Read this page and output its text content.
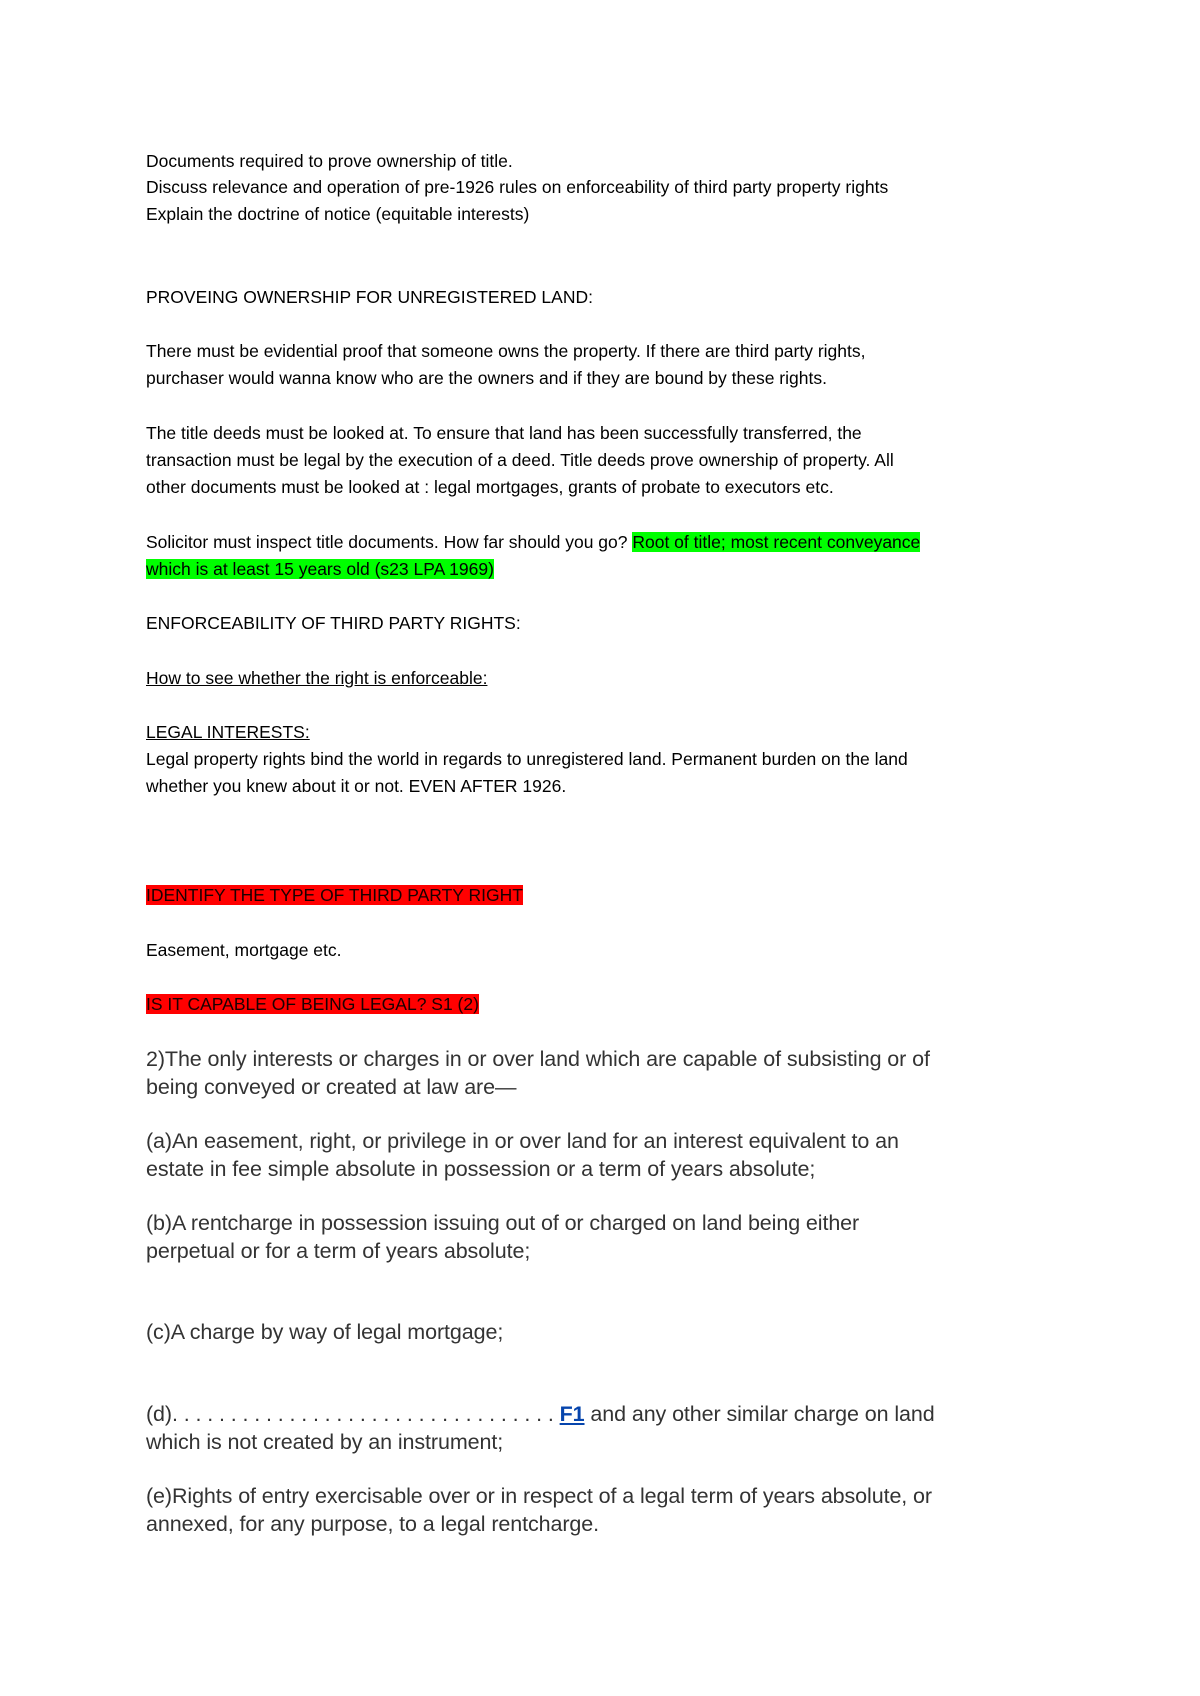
Documents required to prove ownership of title.
Discuss relevance and operation of pre-1926 rules on enforceability of third party property rights
Explain the doctrine of notice (equitable interests)
PROVEING OWNERSHIP FOR UNREGISTERED LAND:
There must be evidential proof that someone owns the property. If there are third party rights,
purchaser would wanna know who are the owners and if they are bound by these rights.
The title deeds must be looked at. To ensure that land has been successfully transferred, the
transaction must be legal by the execution of a deed. Title deeds prove ownership of property. All
other documents must be looked at : legal mortgages, grants of probate to executors etc.
Solicitor must inspect title documents. How far should you go? Root of title; most recent conveyance
which is at least 15 years old (s23 LPA 1969)
ENFORCEABILITY OF THIRD PARTY RIGHTS:
How to see whether the right is enforceable:
LEGAL INTERESTS:
Legal property rights bind the world in regards to unregistered land. Permanent burden on the land
whether you knew about it or not. EVEN AFTER 1926.
IDENTIFY THE TYPE OF THIRD PARTY RIGHT
Easement, mortgage etc.
IS IT CAPABLE OF BEING LEGAL? S1 (2)
2)The only interests or charges in or over land which are capable of subsisting or of
being conveyed or created at law are—
(a)An easement, right, or privilege in or over land for an interest equivalent to an
estate in fee simple absolute in possession or a term of years absolute;
(b)A rentcharge in possession issuing out of or charged on land being either
perpetual or for a term of years absolute;
(c)A charge by way of legal mortgage;
(d). . . . . . . . . . . . . . . . . . . . . . . . . . . . . . . . . F1 and any other similar charge on land
which is not created by an instrument;
(e)Rights of entry exercisable over or in respect of a legal term of years absolute, or
annexed, for any purpose, to a legal rentcharge.
